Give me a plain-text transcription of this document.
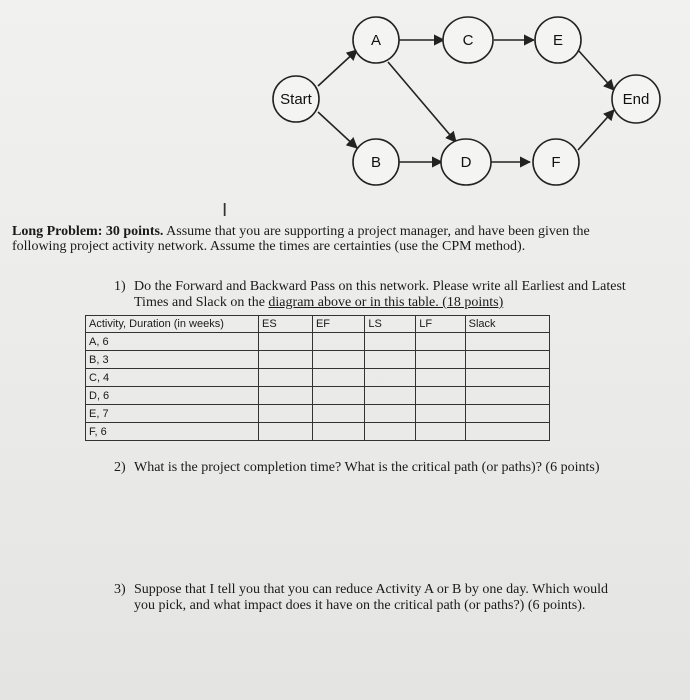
Start
A
B
C
D
E
F
End
I
Long Problem: 30 points. Assume that you are supporting a project manager, and have been given the following project activity network. Assume the times are certainties (use the CPM method).
1) Do the Forward and Backward Pass on this network. Please write all Earliest and Latest Times and Slack on the diagram above or in this table. (18 points)
Activity, Duration (in weeks)	ES	EF	LS	LF	Slack
A, 6					
B, 3					
C, 4					
D, 6					
E, 7					
F, 6					
2) What is the project completion time? What is the critical path (or paths)? (6 points)
3) Suppose that I tell you that you can reduce Activity A or B by one day. Which would you pick, and what impact does it have on the critical path (or paths?) (6 points).
